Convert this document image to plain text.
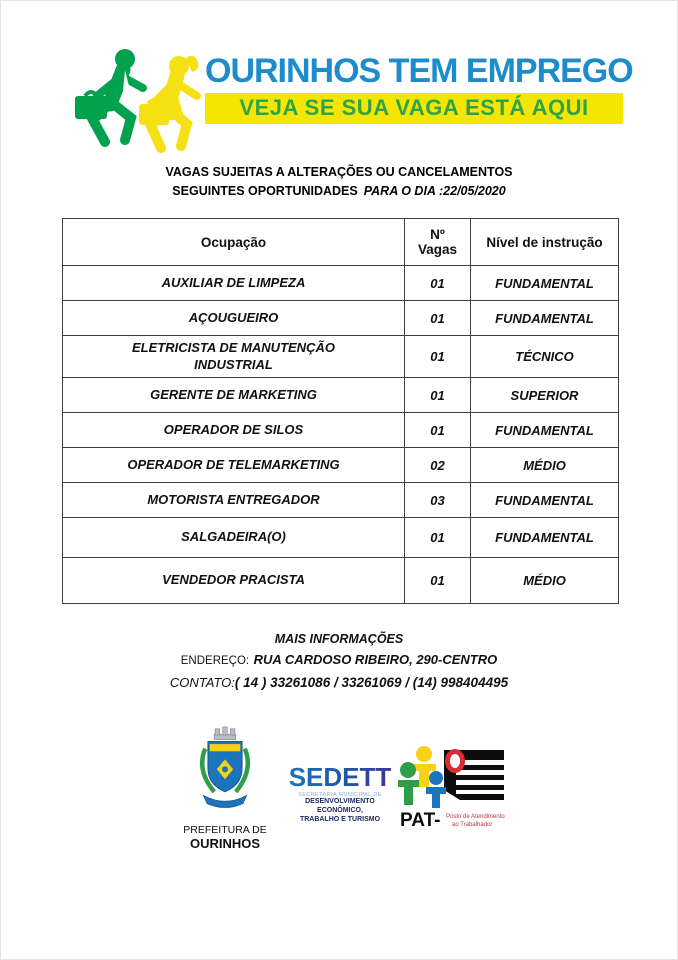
OURINHOS TEM EMPREGO
VEJA SE SUA VAGA ESTÁ AQUI
VAGAS SUJEITAS A ALTERAÇÕES OU CANCELAMENTOS
SEGUINTES OPORTUNIDADES PARA O DIA :22/05/2020
Ocupação	Nº Vagas	Nível de instrução
AUXILIAR DE LIMPEZA	01	FUNDAMENTAL
AÇOUGUEIRO	01	FUNDAMENTAL
ELETRICISTA DE MANUTENÇÃO INDUSTRIAL	01	TÉCNICO
GERENTE DE MARKETING	01	SUPERIOR
OPERADOR DE SILOS	01	FUNDAMENTAL
OPERADOR DE TELEMARKETING	02	MÉDIO
MOTORISTA ENTREGADOR	03	FUNDAMENTAL
SALGADEIRA(O)	01	FUNDAMENTAL
VENDEDOR PRACISTA	01	MÉDIO
MAIS INFORMAÇÕES
ENDEREÇO: RUA CARDOSO RIBEIRO, 290-CENTRO
CONTATO:( 14 ) 33261086 / 33261069 / (14) 998404495
PREFEITURA DE
OURINHOS
SEDETT
SECRETARIA MUNICIPAL DE
DESENVOLVIMENTO ECONÔMICO,
TRABALHO E TURISMO	PAT- Posto de Atendimento
ao Trabalhador
